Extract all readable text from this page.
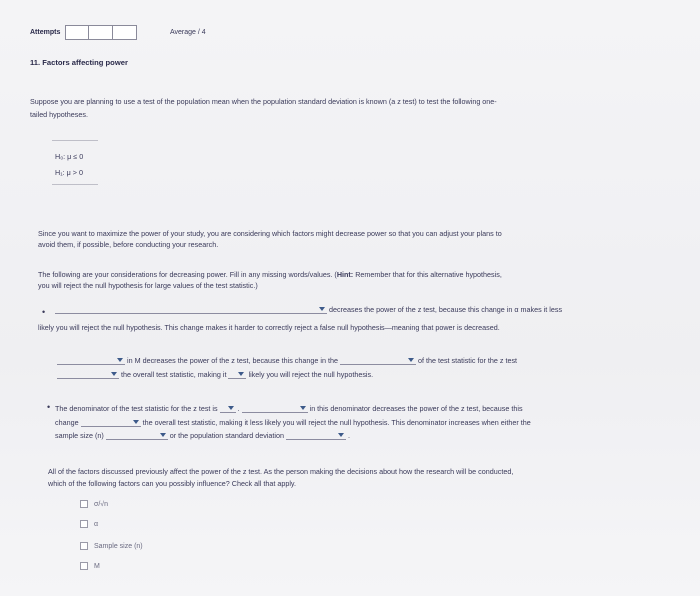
Attempts	Average / 4
11. Factors affecting power
Suppose you are planning to use a test of the population mean when the population standard deviation is known (a z test) to test the following one-
tailed hypotheses.
H₀: μ ≤ 0
H₁: μ > 0
Since you want to maximize the power of your study, you are considering which factors might decrease power so that you can adjust your plans to
avoid them, if possible, before conducting your research.
The following are your considerations for decreasing power. Fill in any missing words/values. (Hint: Remember that for this alternative hypothesis,
you will reject the null hypothesis for large values of the test statistic.)
•	decreases the power of the z test, because this change in α makes it less
likely you will reject the null hypothesis. This change makes it harder to correctly reject a false null hypothesis—meaning that power is decreased.
in M decreases the power of the z test, because this change in the	of the test statistic for the z test
the overall test statistic, making it	likely you will reject the null hypothesis.
• The denominator of the test statistic for the z test is	.	in this denominator decreases the power of the z test, because this
change	the overall test statistic, making it less likely you will reject the null hypothesis. This denominator increases when either the
sample size (n)	or the population standard deviation	.
All of the factors discussed previously affect the power of the z test. As the person making the decisions about how the research will be conducted,
which of the following factors can you possibly influence? Check all that apply.
σ/√n
α
Sample size (n)
M
